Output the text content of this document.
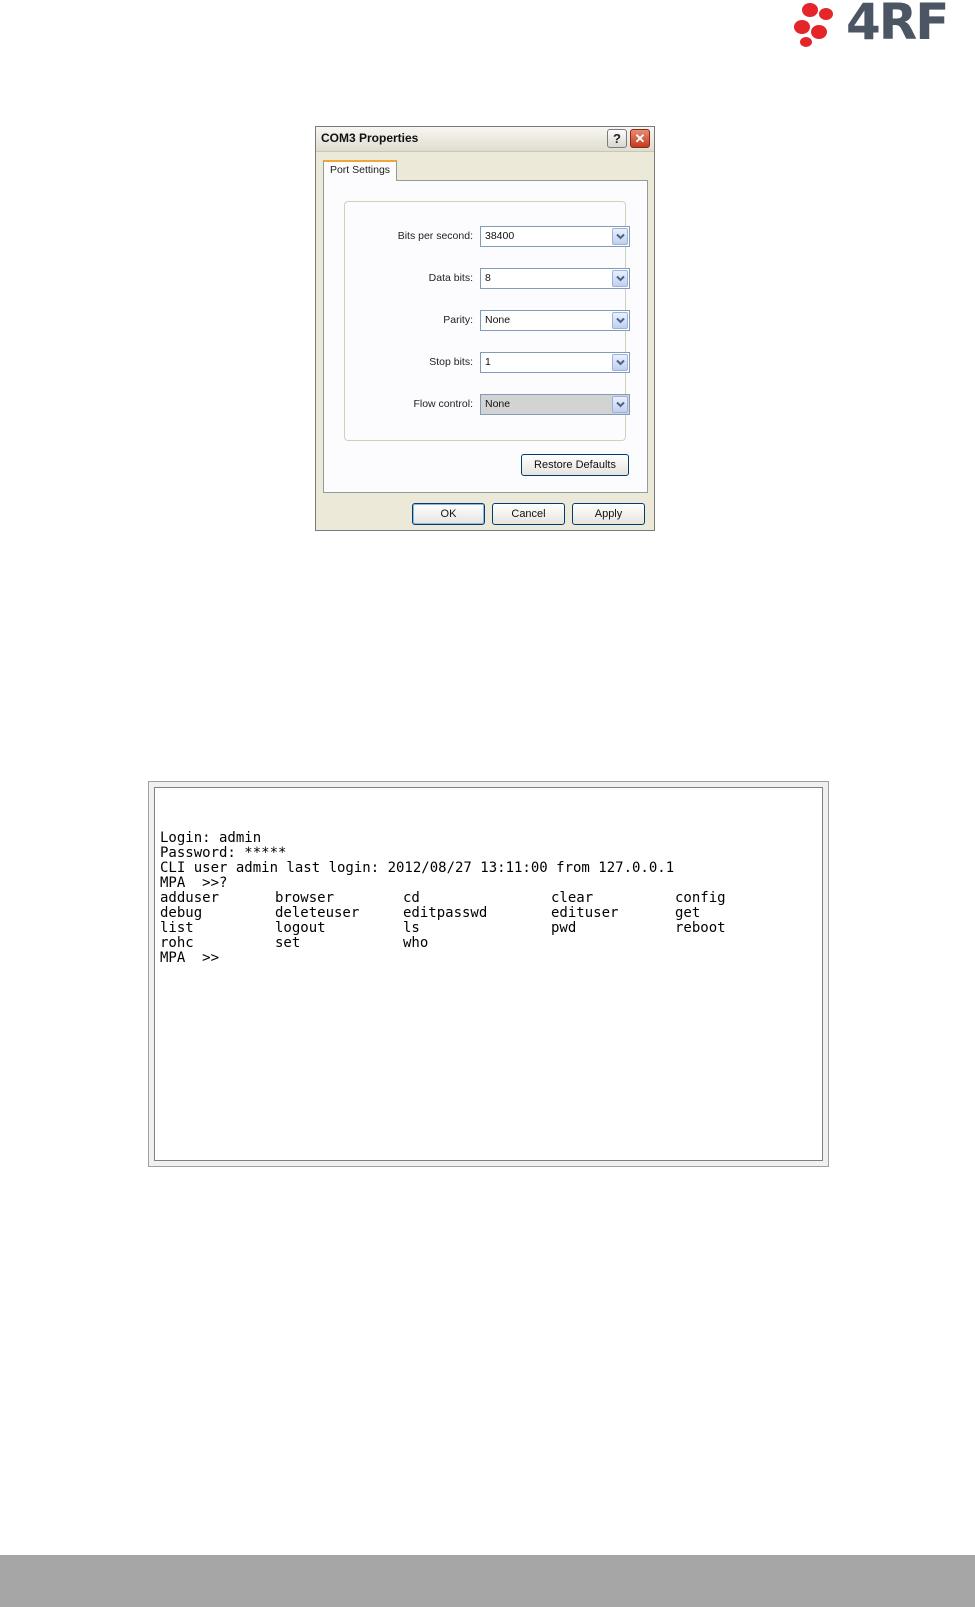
4RF
COM3 Properties	?	✕
Port Settings
Bits per second: 38400
Data bits: 8
Parity: None
Stop bits: 1
Flow control: None
Restore Defaults
OK	Cancel	Apply
Login: admin
Password: *****
CLI user admin last login: 2012/08/27 13:11:00 from 127.0.0.1
MPA  >>?
adduser	browser	cd	clear	config
debug	deleteuser	editpasswd	edituser	get
list	logout	ls	pwd	reboot
rohc	set	who
MPA  >>
